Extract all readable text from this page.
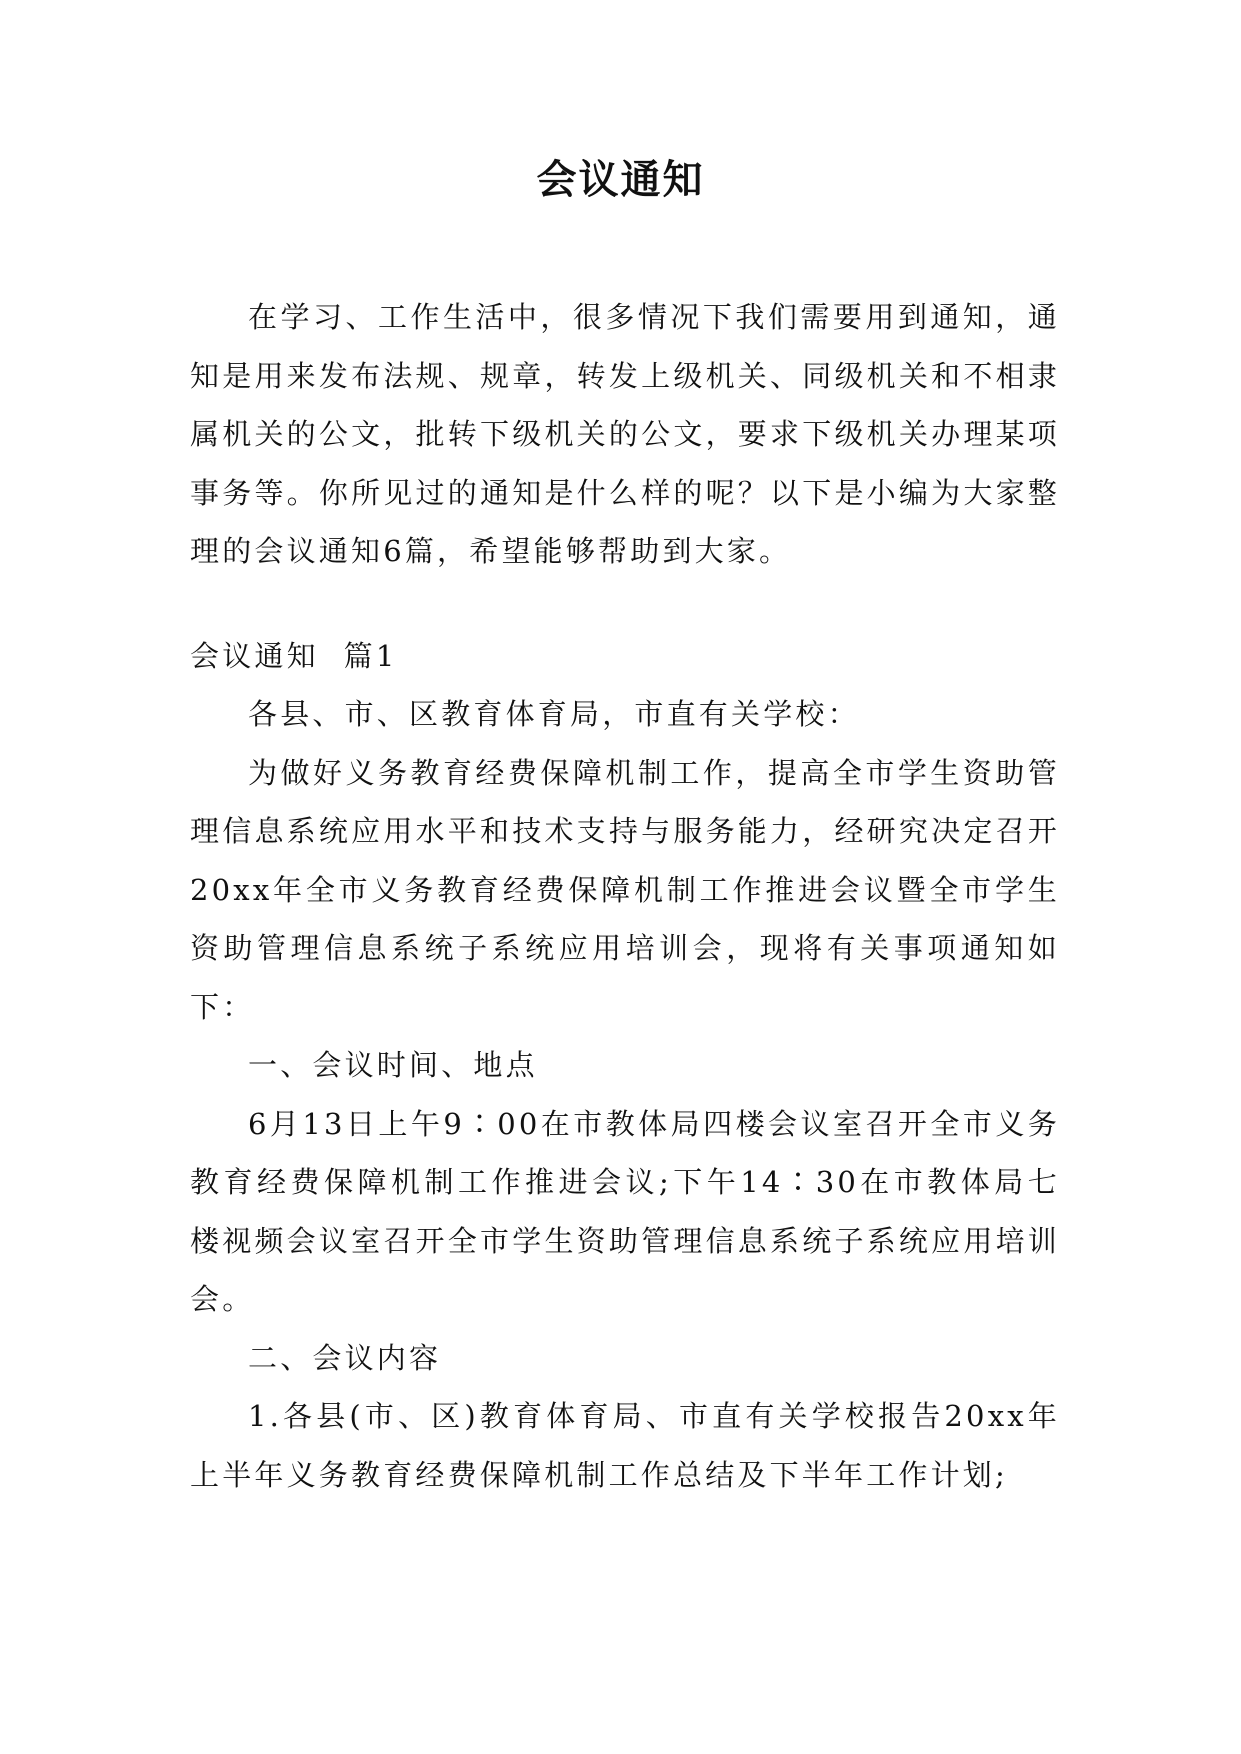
会议通知

在学习、工作生活中，很多情况下我们需要用到通知，通知是用来发布法规、规章，转发上级机关、同级机关和不相隶属机关的公文，批转下级机关的公文，要求下级机关办理某项事务等。你所见过的通知是什么样的呢？以下是小编为大家整理的会议通知6篇，希望能够帮助到大家。

会议通知  篇1

各县、市、区教育体育局，市直有关学校：

为做好义务教育经费保障机制工作，提高全市学生资助管理信息系统应用水平和技术支持与服务能力，经研究决定召开20xx年全市义务教育经费保障机制工作推进会议暨全市学生资助管理信息系统子系统应用培训会，现将有关事项通知如下：

一、会议时间、地点

6月13日上午9∶00在市教体局四楼会议室召开全市义务教育经费保障机制工作推进会议;下午14∶30在市教体局七楼视频会议室召开全市学生资助管理信息系统子系统应用培训会。

二、会议内容

1.各县(市、区)教育体育局、市直有关学校报告20xx年上半年义务教育经费保障机制工作总结及下半年工作计划;
